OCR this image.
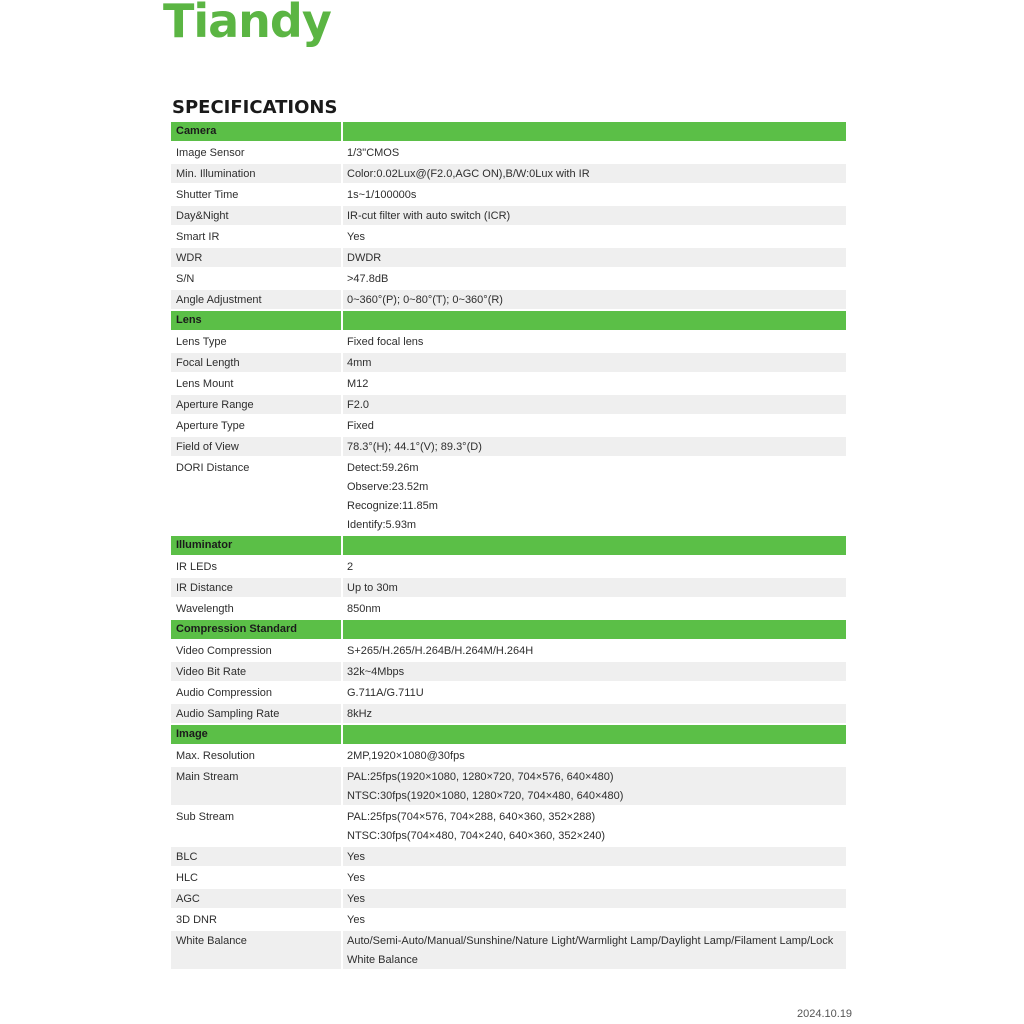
Tiandy
SPECIFICATIONS
Camera
Image Sensor	1/3"CMOS
Min. Illumination	Color:0.02Lux@(F2.0,AGC ON),B/W:0Lux with IR
Shutter Time	1s~1/100000s
Day&Night	IR-cut filter with auto switch (ICR)
Smart IR	Yes
WDR	DWDR
S/N	>47.8dB
Angle Adjustment	0~360°(P); 0~80°(T); 0~360°(R)
Lens
Lens Type	Fixed focal lens
Focal Length	4mm
Lens Mount	M12
Aperture Range	F2.0
Aperture Type	Fixed
Field of View	78.3°(H); 44.1°(V); 89.3°(D)
DORI Distance	Detect:59.26m
Observe:23.52m
Recognize:11.85m
Identify:5.93m
Illuminator
IR LEDs	2
IR Distance	Up to 30m
Wavelength	850nm
Compression Standard
Video Compression	S+265/H.265/H.264B/H.264M/H.264H
Video Bit Rate	32k~4Mbps
Audio Compression	G.711A/G.711U
Audio Sampling Rate	8kHz
Image
Max. Resolution	2MP,1920×1080@30fps
Main Stream	PAL:25fps(1920×1080, 1280×720, 704×576, 640×480)
NTSC:30fps(1920×1080, 1280×720, 704×480, 640×480)
Sub Stream	PAL:25fps(704×576, 704×288, 640×360, 352×288)
NTSC:30fps(704×480, 704×240, 640×360, 352×240)
BLC	Yes
HLC	Yes
AGC	Yes
3D DNR	Yes
White Balance	Auto/Semi-Auto/Manual/Sunshine/Nature Light/Warmlight Lamp/Daylight Lamp/Filament Lamp/Lock
White Balance
2024.10.19
